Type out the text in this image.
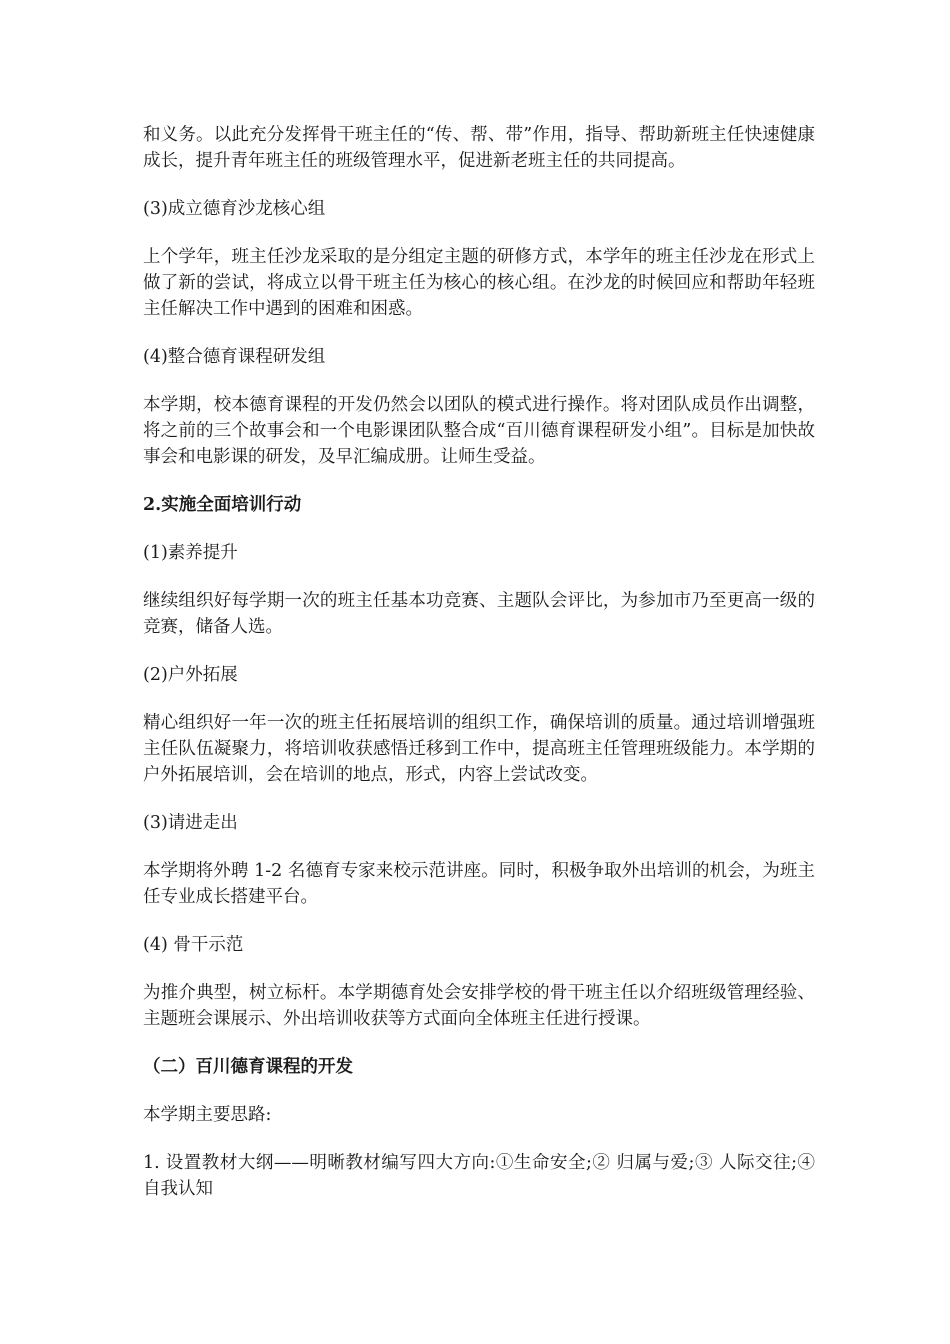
和义务。以此充分发挥骨干班主任的“传、帮、带”作用，指导、帮助新班主任快速健康成长，提升青年班主任的班级管理水平，促进新老班主任的共同提高。

(3)成立德育沙龙核心组

上个学年，班主任沙龙采取的是分组定主题的研修方式，本学年的班主任沙龙在形式上做了新的尝试，将成立以骨干班主任为核心的核心组。在沙龙的时候回应和帮助年轻班主任解决工作中遇到的困难和困惑。

(4)整合德育课程研发组

本学期，校本德育课程的开发仍然会以团队的模式进行操作。将对团队成员作出调整，将之前的三个故事会和一个电影课团队整合成“百川德育课程研发小组”。目标是加快故事会和电影课的研发，及早汇编成册。让师生受益。

2.实施全面培训行动

(1)素养提升

继续组织好每学期一次的班主任基本功竞赛、主题队会评比，为参加市乃至更高一级的竞赛，储备人选。

(2)户外拓展

精心组织好一年一次的班主任拓展培训的组织工作，确保培训的质量。通过培训增强班主任队伍凝聚力，将培训收获感悟迁移到工作中，提高班主任管理班级能力。本学期的户外拓展培训，会在培训的地点，形式，内容上尝试改变。

(3)请进走出

本学期将外聘 1-2 名德育专家来校示范讲座。同时，积极争取外出培训的机会，为班主任专业成长搭建平台。

(4) 骨干示范

为推介典型，树立标杆。本学期德育处会安排学校的骨干班主任以介绍班级管理经验、主题班会课展示、外出培训收获等方式面向全体班主任进行授课。

（二）百川德育课程的开发

本学期主要思路:

1. 设置教材大纲——明晰教材编写四大方向:①生命安全;② 归属与爱;③ 人际交往;④ 自我认知
